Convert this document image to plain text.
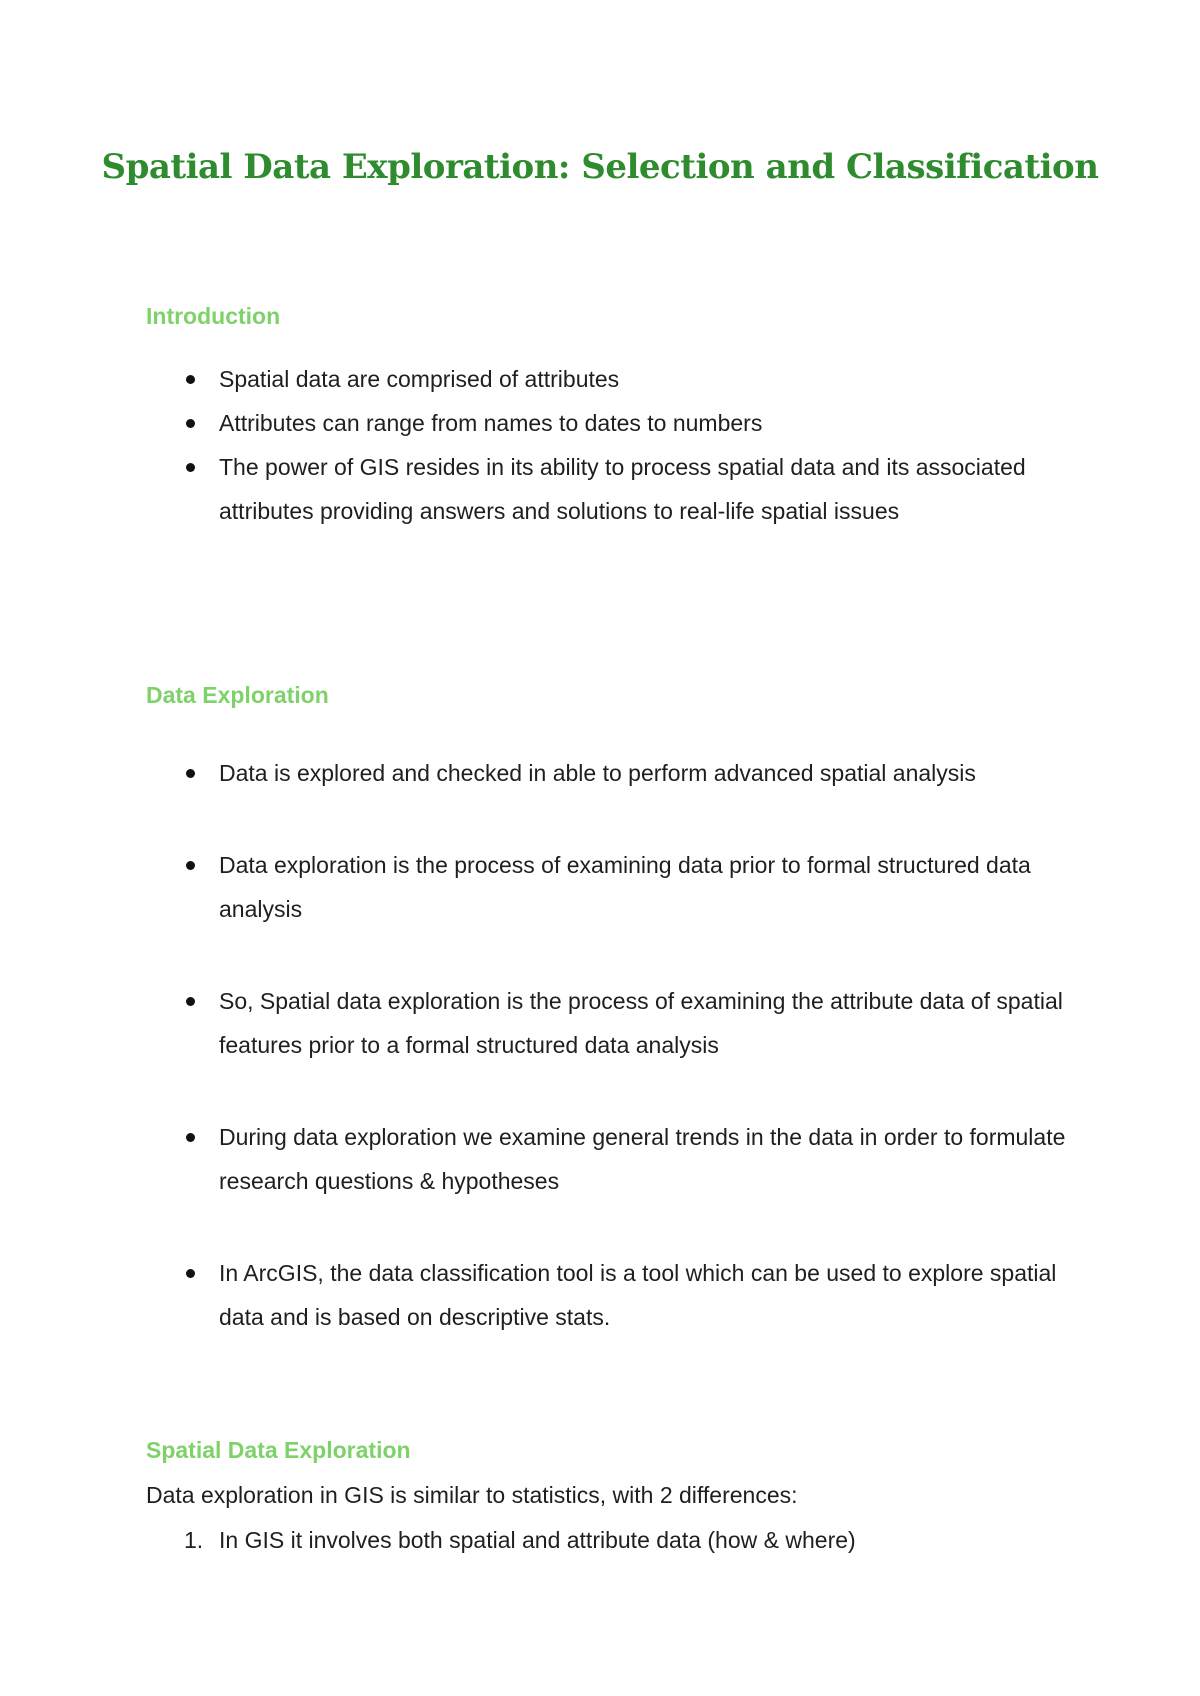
Spatial Data Exploration: Selection and Classification
Introduction
Spatial data are comprised of attributes
Attributes can range from names to dates to numbers
The power of GIS resides in its ability to process spatial data and its associated attributes providing answers and solutions to real-life spatial issues
Data Exploration
Data is explored and checked in able to perform advanced spatial analysis
Data exploration is the process of examining data prior to formal structured data analysis
So, Spatial data exploration is the process of examining the attribute data of spatial features prior to a formal structured data analysis
During data exploration we examine general trends in the data in order to formulate research questions & hypotheses
In ArcGIS, the data classification tool is a tool which can be used to explore spatial data and is based on descriptive stats.
Spatial Data Exploration

Data exploration in GIS is similar to statistics, with 2 differences:

1. In GIS it involves both spatial and attribute data (how & where)
